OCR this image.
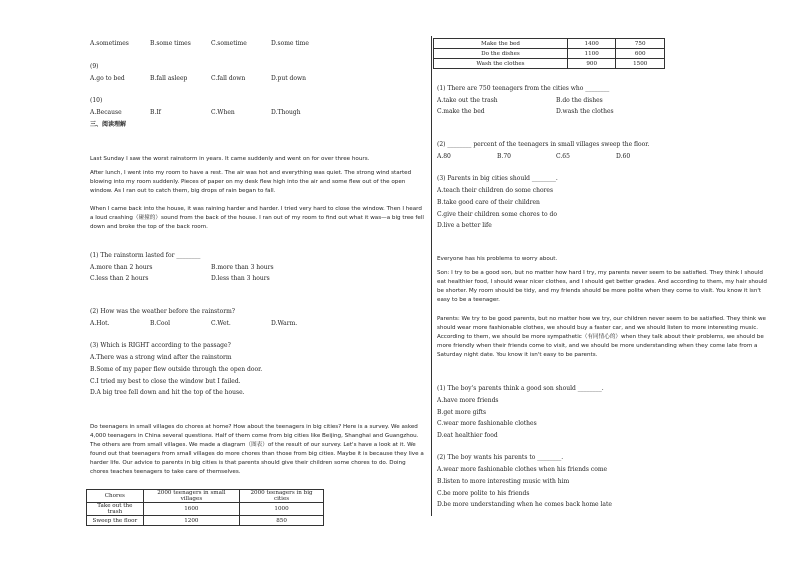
A.sometimes	B.some times	C.sometime	D.some time
(9)
A.go to bed	B.fall asleep	C.fall down	D.put down
(10)
A.Because	B.If	C.When	D.Though
三、阅读理解
Last Sunday I saw the worst rainstorm in years. It came suddenly and went on for over three hours.
After lunch, I went into my room to have a rest. The air was hot and everything was quiet. The strong wind started blowing into my room suddenly. Pieces of paper on my desk flew high into the air and some flew out of the open window. As I ran out to catch them, big drops of rain began to fall.
When I came back into the house, it was raining harder and harder. I tried very hard to close the window. Then I heard a loud crashing（碰撞的）sound from the back of the house. I ran out of my room to find out what it was—a big tree fell down and broke the top of the back room.
(1) The rainstorm lasted for ________
A.more than 2 hours	B.more than 3 hours
C.less than 2 hours	D.less than 3 hours
(2) How was the weather before the rainstorm?
A.Hot.	B.Cool	C.Wet.	D.Warm.
(3) Which is RIGHT according to the passage?
A.There was a strong wind after the rainstorm
B.Some of my paper flew outside through the open door.
C.I tried my best to close the window but I failed.
D.A big tree fell down and hit the top of the house.
Do teenagers in small villages do chores at home? How about the teenagers in big cities? Here is a survey. We asked 4,000 teenagers in China several questions. Half of them come from big cities like Beijing, Shanghai and Guangzhou. The others are from small villages. We made a diagram（图表）of the result of our survey. Let's have a look at it. We found out that teenagers from small villages do more chores than those from big cities. Maybe it is because they live a harder life. Our advice to parents in big cities is that parents should give their children some chores to do. Doing chores teaches teenagers to take care of themselves.
Chores	2000 teenagers in small villages	2000 teenagers in big cities
Take out the trash	1600	1000
Sweep the floor	1200	850
Make the bed	1400	750
Do the dishes	1100	600
Wash the clothes	900	1500
(1) There are 750 teenagers from the cities who ________
A.take out the trash	B.do the dishes
C.make the bed	D.wash the clothes
(2) ________ percent of the teenagers in small villages sweep the floor.
A.80	B.70	C.65	D.60
(3) Parents in big cities should ________.
A.teach their children do some chores
B.take good care of their children
C.give their children some chores to do
D.live a better life
Everyone has his problems to worry about.
Son: I try to be a good son, but no matter how hard I try, my parents never seem to be satisfied. They think I should eat healthier food, I should wear nicer clothes, and I should get better grades. And according to them, my hair should be shorter. My room should be tidy, and my friends should be more polite when they come to visit. You know it isn't easy to be a teenager.
Parents: We try to be good parents, but no matter how we try, our children never seem to be satisfied. They think we should wear more fashionable clothes, we should buy a faster car, and we should listen to more interesting music. According to them, we should be more sympathetic（有同情心的）when they talk about their problems, we should be more friendly when their friends come to visit, and we should be more understanding when they come late from a Saturday night date. You know it isn't easy to be parents.
(1) The boy's parents think a good son should ________.
A.have more friends
B.get more gifts
C.wear more fashionable clothes
D.eat healthier food
(2) The boy wants his parents to ________.
A.wear more fashionable clothes when his friends come
B.listen to more interesting music with him
C.be more polite to his friends
D.be more understanding when he comes back home late
